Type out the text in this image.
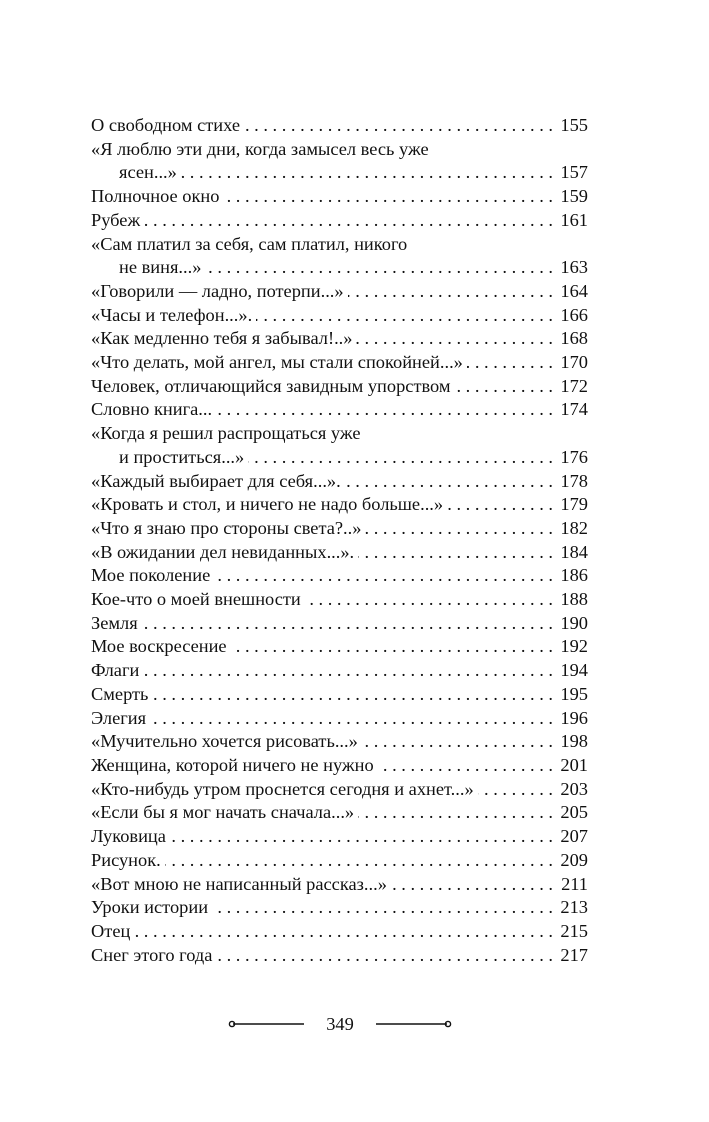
О свободном стихе . . .	155
«Я люблю эти дни, когда замысел весь уже
ясен...» . . .	157
Полночное окно . . .	159
Рубеж . . .	161
«Сам платил за себя, сам платил, никого
не виня...» . . .	163
«Говорили — ладно, потерпи...» . . .	164
«Часы и телефон...». . . .	166
«Как медленно тебя я забывал!..» . . .	168
«Что делать, мой ангел, мы стали спокойней...» . . .	170
Человек, отличающийся завидным упорством . . .	172
Словно книга... . . .	174
«Когда я решил распрощаться уже
и проститься...» . . .	176
«Каждый выбирает для себя...». . . .	178
«Кровать и стол, и ничего не надо больше...» . . .	179
«Что я знаю про стороны света?..» . . .	182
«В ожидании дел невиданных...». . . .	184
Мое поколение . . .	186
Кое-что о моей внешности . . .	188
Земля . . .	190
Мое воскресение . . .	192
Флаги . . .	194
Смерть . . .	195
Элегия . . .	196
«Мучительно хочется рисовать...» . . .	198
Женщина, которой ничего не нужно . . .	201
«Кто-нибудь утром проснется сегодня и ахнет...» . . .	203
«Если бы я мог начать сначала...» . . .	205
Луковица . . .	207
Рисунок. . . .	209
«Вот мною не написанный рассказ...» . . .	211
Уроки истории . . .	213
Отец . . .	215
Снег этого года . . .	217
349
